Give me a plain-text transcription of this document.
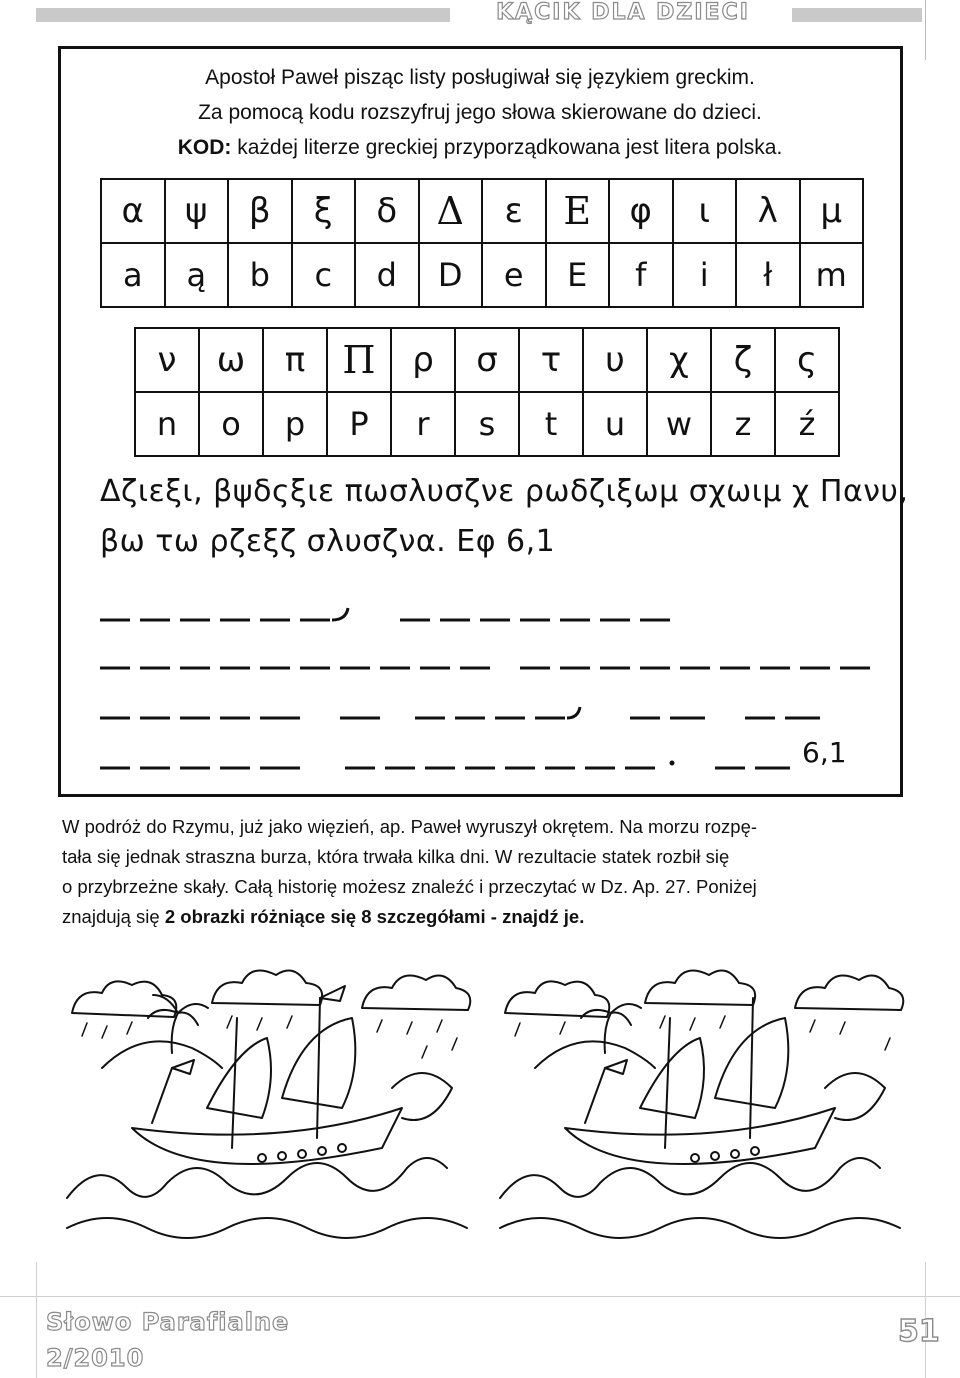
KĄCIK DLA DZIECI
Apostoł Paweł pisząc listy posługiwał się językiem greckim.
Za pomocą kodu rozszyfruj jego słowa skierowane do dzieci.
KOD: każdej literze greckiej przyporządkowana jest litera polska.
α	ψ	β	ξ	δ	Δ	ε	Ε	φ	ι	λ	μ
a	ą	b	c	d	D	e	E	f	i	ł	m
ν	ω	π	Π	ρ	σ	τ	υ	χ	ζ	ς
n	o	p	P	r	s	t	u	w	z	ź
Δζιεξι, βψδςξιε πωσλυσζνε ρωδζιξωμ σχωιμ χ Πανυ,
βω τω ρζεξζ σλυσζνα. Εφ 6,1
6,1
W podróż do Rzymu, już jako więzień, ap. Paweł wyruszył okrętem. Na morzu rozpę-
tała się jednak straszna burza, która trwała kilka dni. W rezultacie statek rozbił się
o przybrzeżne skały. Całą historię możesz znaleźć i przeczytać w Dz. Ap. 27. Poniżej
znajdują się 2 obrazki różniące się 8 szczegółami - znajdź je.
Słowo Parafialne
2/2010
51
